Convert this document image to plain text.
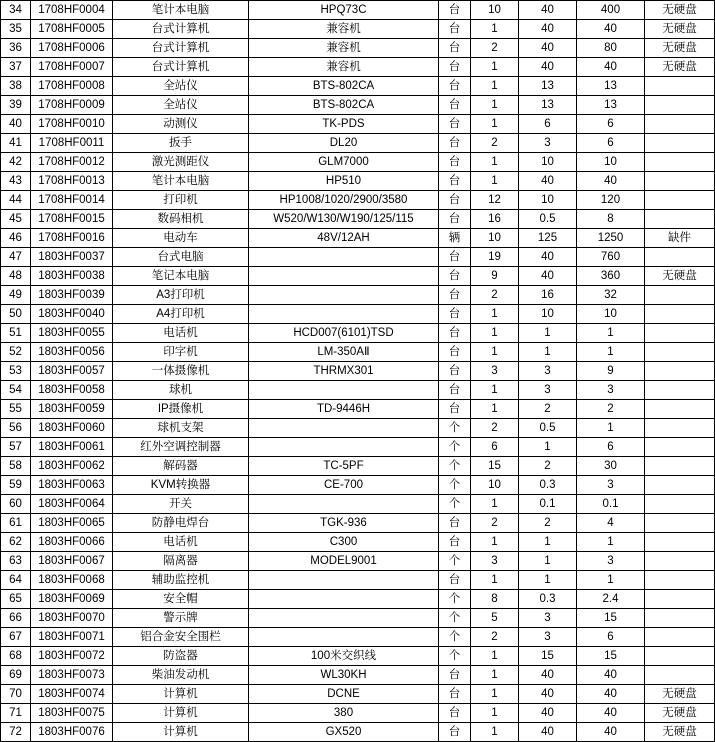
34	1708HF0004	笔计本电脑	HPQ73C	台	10	40	400	无硬盘
35	1708HF0005	台式计算机	兼容机	台	1	40	40	无硬盘
36	1708HF0006	台式计算机	兼容机	台	2	40	80	无硬盘
37	1708HF0007	台式计算机	兼容机	台	1	40	40	无硬盘
38	1708HF0008	全站仪	BTS-802CA	台	1	13	13	
39	1708HF0009	全站仪	BTS-802CA	台	1	13	13	
40	1708HF0010	动测仪	TK-PDS	台	1	6	6	
41	1708HF0011	扳手	DL20	台	2	3	6	
42	1708HF0012	激光测距仪	GLM7000	台	1	10	10	
43	1708HF0013	笔计本电脑	HP510	台	1	40	40	
44	1708HF0014	打印机	HP1008/1020/2900/3580	台	12	10	120	
45	1708HF0015	数码相机	W520/W130/W190/125/115	台	16	0.5	8	
46	1708HF0016	电动车	48V/12AH	辆	10	125	1250	缺件
47	1803HF0037	台式电脑		台	19	40	760	
48	1803HF0038	笔记本电脑		台	9	40	360	无硬盘
49	1803HF0039	A3打印机		台	2	16	32	
50	1803HF0040	A4打印机		台	1	10	10	
51	1803HF0055	电话机	HCD007(6101)TSD	台	1	1	1	
52	1803HF0056	印字机	LM-350AⅡ	台	1	1	1	
53	1803HF0057	一体摄像机	THRMX301	台	3	3	9	
54	1803HF0058	球机		台	1	3	3	
55	1803HF0059	IP摄像机	TD-9446H	台	1	2	2	
56	1803HF0060	球机支架		个	2	0.5	1	
57	1803HF0061	红外空调控制器		个	6	1	6	
58	1803HF0062	解码器	TC-5PF	个	15	2	30	
59	1803HF0063	KVM转换器	CE-700	个	10	0.3	3	
60	1803HF0064	开关		个	1	0.1	0.1	
61	1803HF0065	防静电焊台	TGK-936	台	2	2	4	
62	1803HF0066	电话机	C300	台	1	1	1	
63	1803HF0067	隔离器	MODEL9001	个	3	1	3	
64	1803HF0068	辅助监控机		台	1	1	1	
65	1803HF0069	安全帽		个	8	0.3	2.4	
66	1803HF0070	警示牌		个	5	3	15	
67	1803HF0071	铝合金安全围栏		个	2	3	6	
68	1803HF0072	防盗器	100米交织线	个	1	15	15	
69	1803HF0073	柴油发动机	WL30KH	台	1	40	40	
70	1803HF0074	计算机	DCNE	台	1	40	40	无硬盘
71	1803HF0075	计算机	380	台	1	40	40	无硬盘
72	1803HF0076	计算机	GX520	台	1	40	40	无硬盘
